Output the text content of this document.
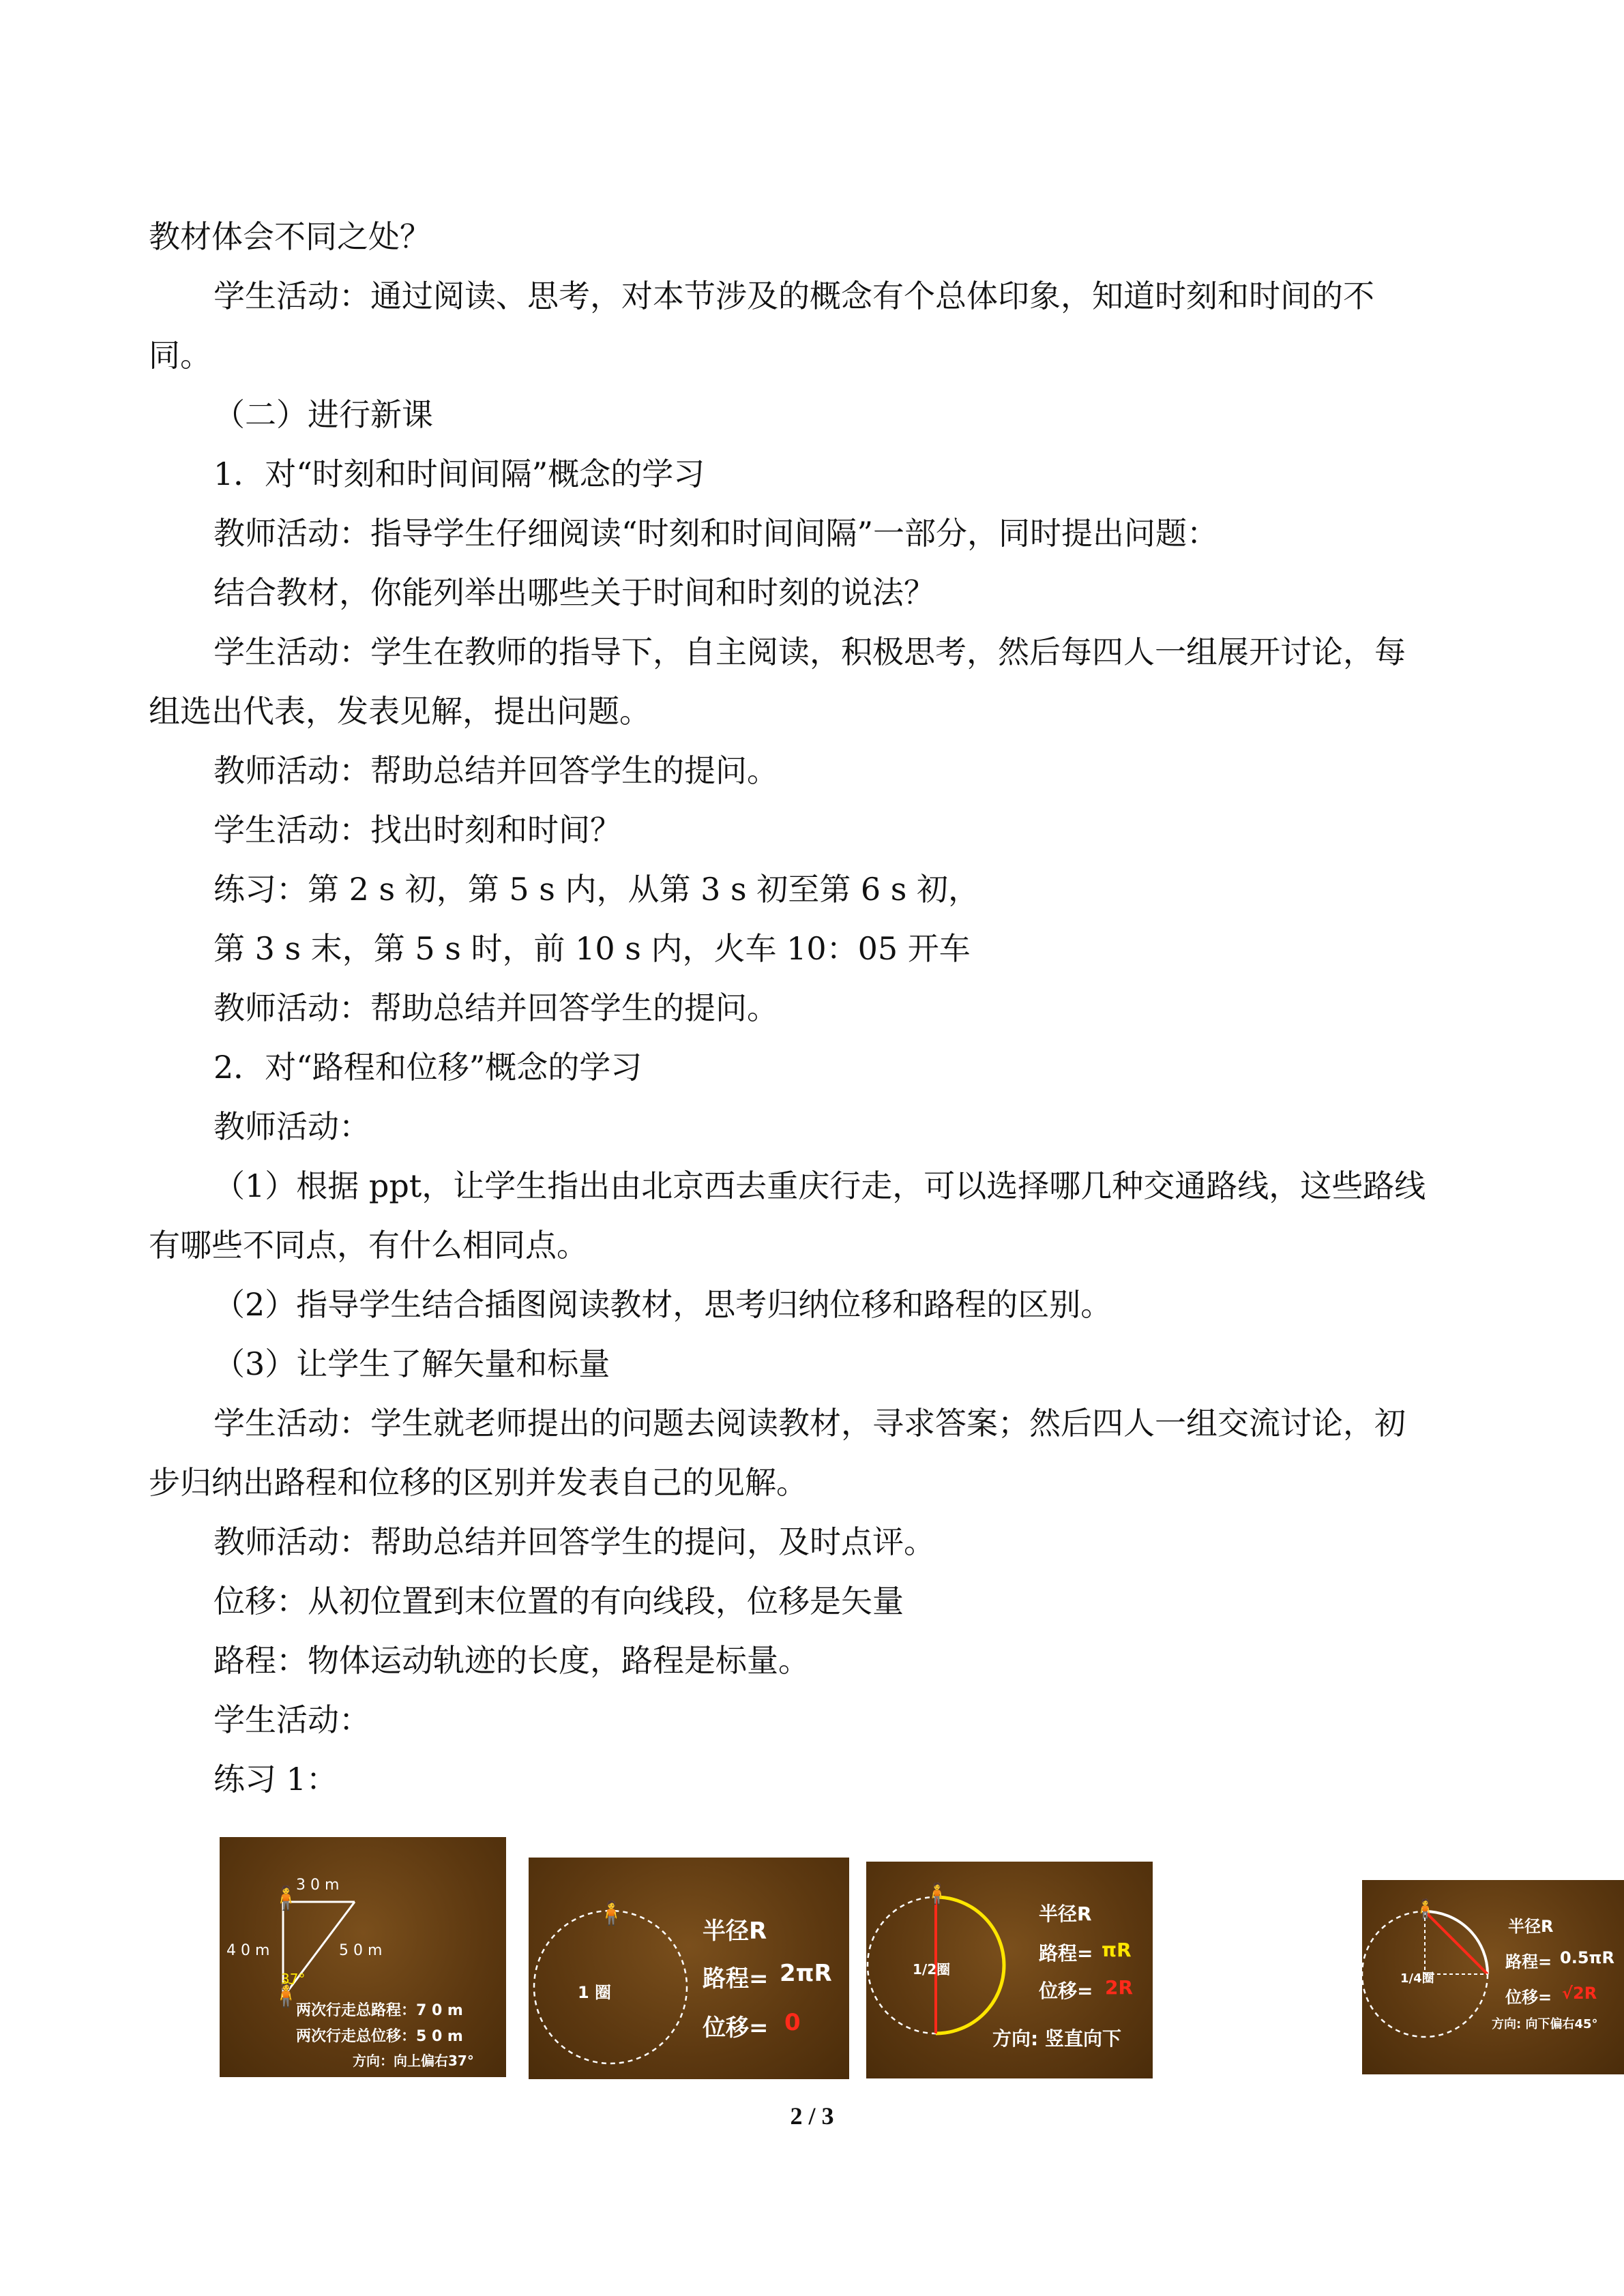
教材体会不同之处？
学生活动：通过阅读、思考，对本节涉及的概念有个总体印象，知道时刻和时间的不
同。
（二）进行新课
1．对“时刻和时间间隔”概念的学习
教师活动：指导学生仔细阅读“时刻和时间间隔”一部分，同时提出问题：
结合教材，你能列举出哪些关于时间和时刻的说法？
学生活动：学生在教师的指导下，自主阅读，积极思考，然后每四人一组展开讨论，每
组选出代表，发表见解，提出问题。
教师活动：帮助总结并回答学生的提问。
学生活动：找出时刻和时间？
练习：第 2 s 初，第 5 s 内，从第 3 s 初至第 6 s 初，
第 3 s 末，第 5 s 时，前 10 s 内，火车 10：05 开车
教师活动：帮助总结并回答学生的提问。
2．对“路程和位移”概念的学习
教师活动：
（1）根据 ppt，让学生指出由北京西去重庆行走，可以选择哪几种交通路线，这些路线
有哪些不同点，有什么相同点。
（2）指导学生结合插图阅读教材，思考归纳位移和路程的区别。
（3）让学生了解矢量和标量
学生活动：学生就老师提出的问题去阅读教材，寻求答案；然后四人一组交流讨论，初
步归纳出路程和位移的区别并发表自己的见解。
教师活动：帮助总结并回答学生的提问，及时点评。
位移：从初位置到末位置的有向线段，位移是矢量
路程：物体运动轨迹的长度，路程是标量。
学生活动：
练习 1：
🧍
🧍
3 0 m
4 0 m	5 0 m
37°
两次行走总路程：7 0 m
两次行走总位移：5 0 m
方向：向上偏右37°
🧍
1 圈
半径R
路程= 2πR
位移= 0
🧍
1/2圈
半径R
路程= πR
位移= 2R
方向: 竖直向下
🧍
1/4圈
半径R
路程= 0.5πR
位移= √2R
方向: 向下偏右45°
2 / 3
